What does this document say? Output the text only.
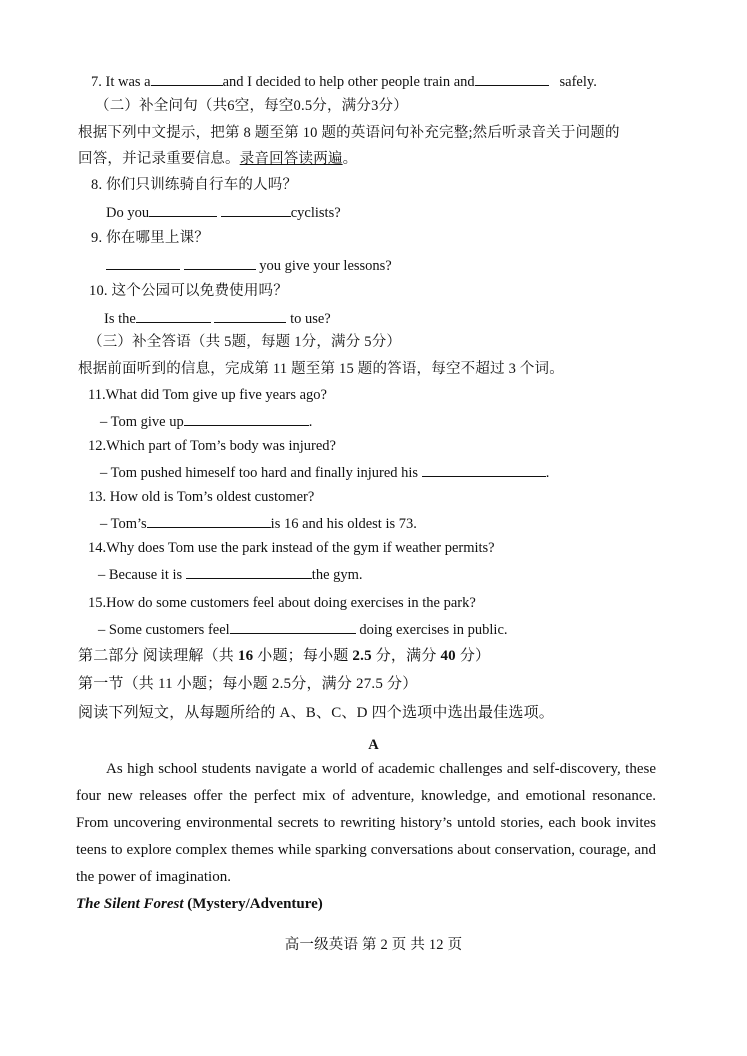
7. It was a	and I decided to help other people train and	safely.
（二）补全问句（共6空，每空0.5分，满分3分）
根据下列中文提示，把第 8 题至第 10 题的英语问句补充完整;然后听录音关于问题的
回答，并记录重要信息。录音回答读两遍。
8. 你们只训练骑自行车的人吗？
Do you	cyclists?
9. 你在哪里上课？
you give your lessons?
10. 这个公园可以免费使用吗？
Is the	to use?
（三）补全答语（共 5题，每题 1分，满分 5分）
根据前面听到的信息，完成第 11 题至第 15 题的答语，每空不超过 3 个词。
11.What did Tom give up five years ago?
– Tom give up	.
12.Which part of Tom’s body was injured?
– Tom pushed himeself too hard and finally injured his	.
13. How old is Tom’s oldest customer?
– Tom’s	is 16 and his oldest is 73.
14.Why does Tom use the park instead of the gym if weather permits?
– Because it is	the gym.
15.How do some customers feel about doing exercises in the park?
– Some customers feel	doing exercises in public.
第二部分 阅读理解（共 16 小题；每小题 2.5 分，满分 40 分）
第一节（共 11 小题；每小题 2.5分，满分 27.5 分）
阅读下列短文，从每题所给的 A、B、C、D 四个选项中选出最佳选项。
A

As high school students navigate a world of academic challenges and self-discovery, these four new releases offer the perfect mix of adventure, knowledge, and emotional resonance. From uncovering environmental secrets to rewriting history’s untold stories, each book invites teens to explore complex themes while sparking conversations about conservation, courage, and the power of imagination.

The Silent Forest (Mystery/Adventure)
高一级英语 第 2 页 共 12 页
